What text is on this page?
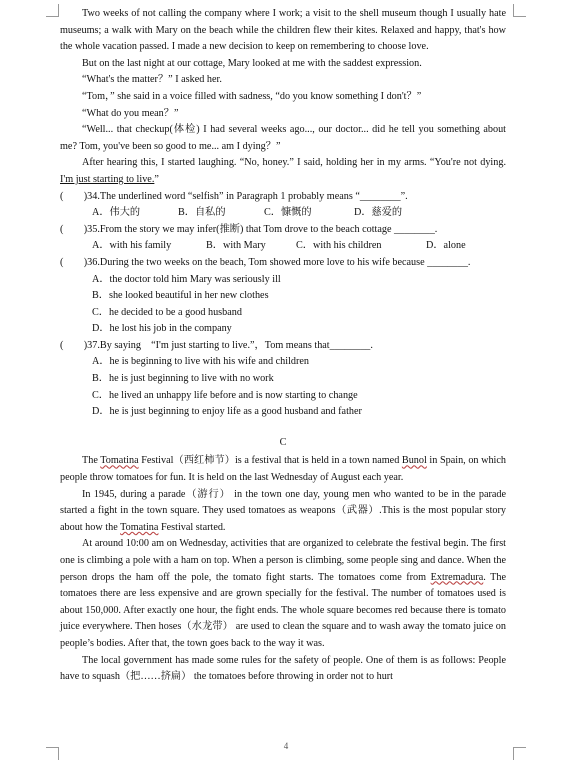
Two weeks of not calling the company where I work; a visit to the shell museum though I usually hate museums; a walk with Mary on the beach while the children flew their kites. Relaxed and happy, that's how the whole vacation passed. I made a new decision to keep on remembering to choose love.

But on the last night at our cottage, Mary looked at me with the saddest expression.

“What's the matter？” I asked her.

“Tom，” she said in a voice filled with sadness, “do you know something I don't？”

“What do you mean？”

“Well... that checkup(体检) I had several weeks ago..., our doctor... did he tell you something about me? Tom, you've been so good to me... am I dying？”

After hearing this, I started laughing. “No, honey.” I said, holding her in my arms. “You're not dying. I'm just starting to live.”

(　　)34.The underlined word “selfish” in Paragraph 1 probably means “________”.

A．伟大的	B．自私的	C．慷慨的	D．慈爱的

(　　)35.From the story we may infer(推断) that Tom drove to the beach cottage ________.

A．with his family	B．with Mary	C．with his children	D．alone

(　　)36.During the two weeks on the beach, Tom showed more love to his wife because ________.

A．the doctor told him Mary was seriously ill
B．she looked beautiful in her new clothes
C．he decided to be a good husband
D．he lost his job in the company

(　　)37.By saying　“I'm just starting to live.”，Tom means that________.

A．he is beginning to live with his wife and children
B．he is just beginning to live with no work
C．he lived an unhappy life before and is now starting to change
D．he is just beginning to enjoy life as a good husband and father
C

The Tomatina Festival（西红柿节）is a festival that is held in a town named Bunol in Spain, on which people throw tomatoes for fun. It is held on the last Wednesday of August each year.

In 1945, during a parade（游行） in the town one day, young men who wanted to be in the parade started a fight in the town square. They used tomatoes as weapons（武器）.This is the most popular story about how the Tomatina Festival started.

At around 10:00 am on Wednesday, activities that are organized to celebrate the festival begin. The first one is climbing a pole with a ham on top. When a person is climbing, some people sing and dance. When the person drops the ham off the pole, the tomato fight starts. The tomatoes come from Extremadura. The tomatoes there are less expensive and are grown specially for the festival. The number of tomatoes used is about 150,000. After exactly one hour, the fight ends. The whole square becomes red because there is tomato juice everywhere. Then hoses（水龙带） are used to clean the square and to wash away the tomato juice on people’s bodies. After that, the town goes back to the way it was.

The local government has made some rules for the safety of people. One of them is as follows: People have to squash（把……挤扁） the tomatoes before throwing in order not to hurt

4
